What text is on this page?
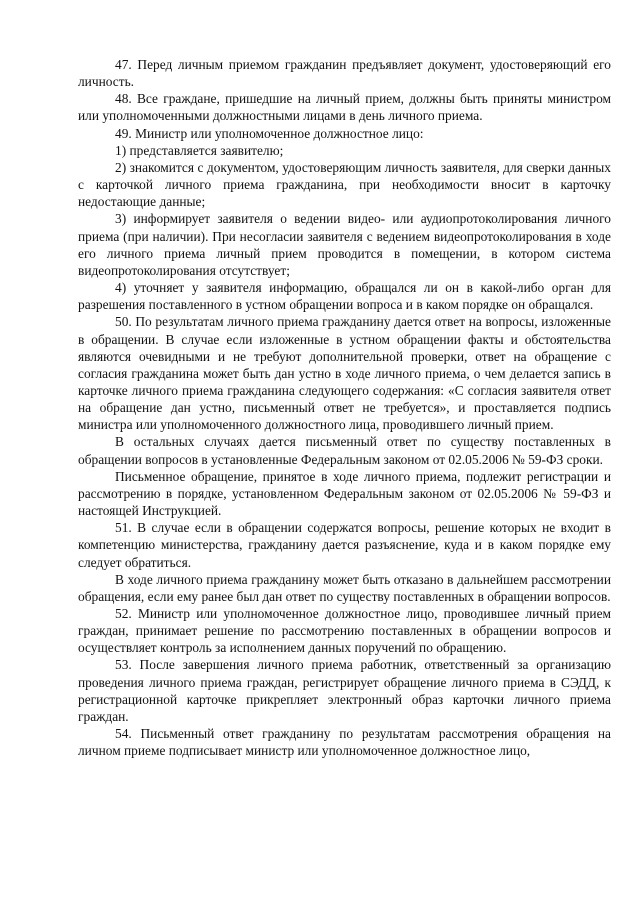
47. Перед личным приемом гражданин предъявляет документ, удостоверяющий его личность.

48. Все граждане, пришедшие на личный прием, должны быть приняты министром или уполномоченными должностными лицами в день личного приема.

49. Министр или уполномоченное должностное лицо:

1) представляется заявителю;

2) знакомится с документом, удостоверяющим личность заявителя, для сверки данных с карточкой личного приема гражданина, при необходимости вносит в карточку недостающие данные;

3) информирует заявителя о ведении видео- или аудиопротоколирования личного приема (при наличии). При несогласии заявителя с ведением видеопротоколирования в ходе его личного приема личный прием проводится в помещении, в котором система видеопротоколирования отсутствует;

4) уточняет у заявителя информацию, обращался ли он в какой-либо орган для разрешения поставленного в устном обращении вопроса и в каком порядке он обращался.

50. По результатам личного приема гражданину дается ответ на вопросы, изложенные в обращении. В случае если изложенные в устном обращении факты и обстоятельства являются очевидными и не требуют дополнительной проверки, ответ на обращение с согласия гражданина может быть дан устно в ходе личного приема, о чем делается запись в карточке личного приема гражданина следующего содержания: «С согласия заявителя ответ на обращение дан устно, письменный ответ не требуется», и проставляется подпись министра или уполномоченного должностного лица, проводившего личный прием.

В остальных случаях дается письменный ответ по существу поставленных в обращении вопросов в установленные Федеральным законом от 02.05.2006 № 59-ФЗ сроки.

Письменное обращение, принятое в ходе личного приема, подлежит регистрации и рассмотрению в порядке, установленном Федеральным законом от 02.05.2006 № 59-ФЗ и настоящей Инструкцией.

51. В случае если в обращении содержатся вопросы, решение которых не входит в компетенцию министерства, гражданину дается разъяснение, куда и в каком порядке ему следует обратиться.

В ходе личного приема гражданину может быть отказано в дальнейшем рассмотрении обращения, если ему ранее был дан ответ по существу поставленных в обращении вопросов.

52. Министр или уполномоченное должностное лицо, проводившее личный прием граждан, принимает решение по рассмотрению поставленных в обращении вопросов и осуществляет контроль за исполнением данных поручений по обращению.

53. После завершения личного приема работник, ответственный за организацию проведения личного приема граждан, регистрирует обращение личного приема в СЭДД, к регистрационной карточке прикрепляет электронный образ карточки личного приема граждан.

54. Письменный ответ гражданину по результатам рассмотрения обращения на личном приеме подписывает министр или уполномоченное должностное лицо,
